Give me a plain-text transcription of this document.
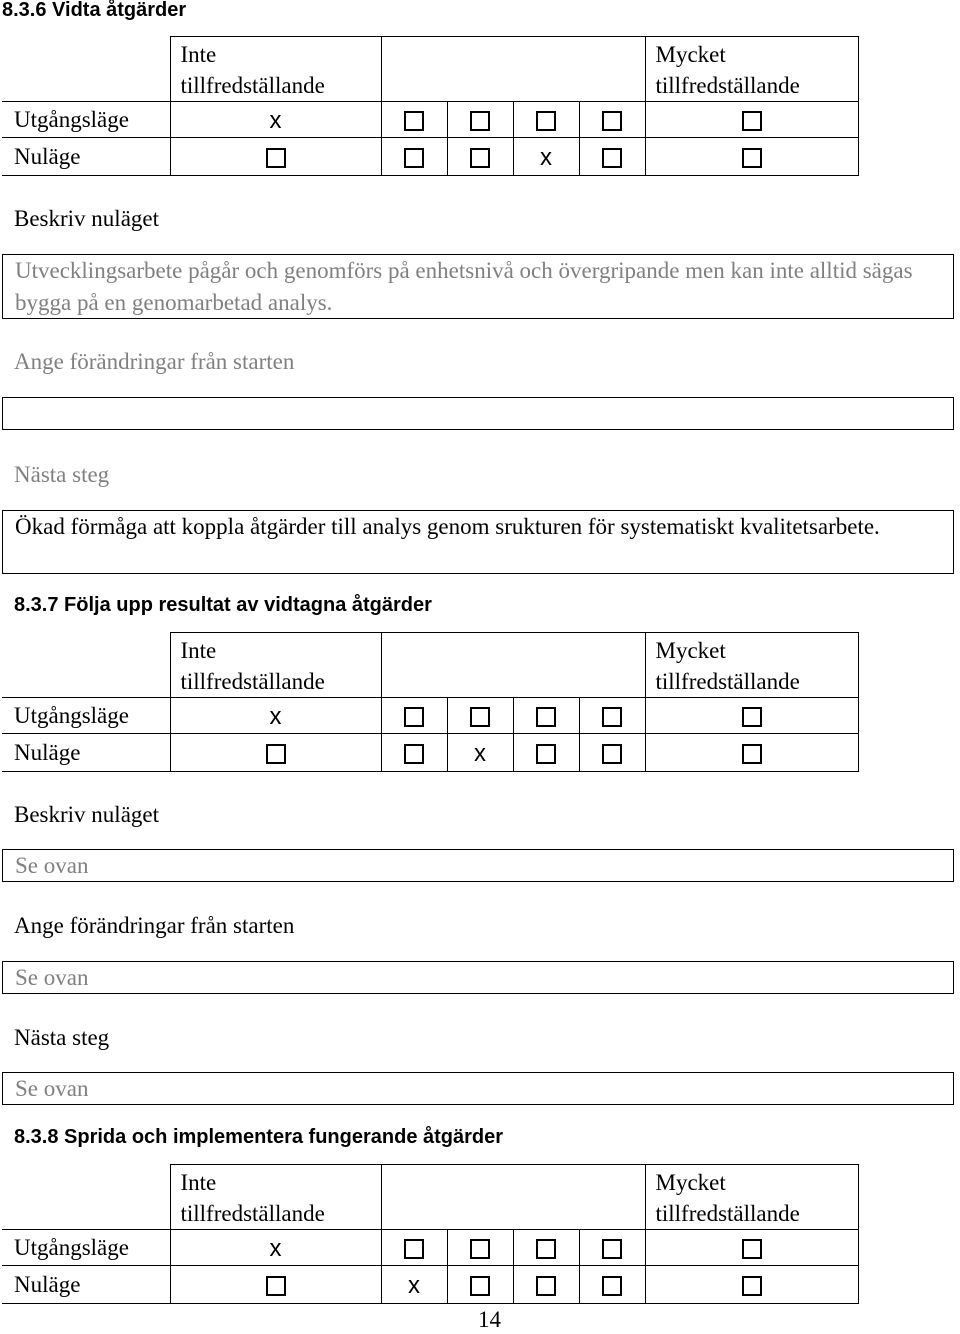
8.3.6 Vidta åtgärder
	Inte
tillfredställande					Mycket
tillfredställande
Utgångsläge	x					
Nuläge				x		
Beskriv nuläget
Utvecklingsarbete pågår och genomförs på enhetsnivå och övergripande men kan inte alltid sägas bygga på en genomarbetad analys.
Ange förändringar från starten
Nästa steg
Ökad förmåga att koppla åtgärder till analys genom srukturen för systematiskt kvalitetsarbete.
8.3.7 Följa upp resultat av vidtagna åtgärder
	Inte
tillfredställande					Mycket
tillfredställande
Utgångsläge	x					
Nuläge			x			
Beskriv nuläget
Se ovan
Ange förändringar från starten
Se ovan
Nästa steg
Se ovan
8.3.8 Sprida och implementera fungerande åtgärder
	Inte
tillfredställande					Mycket
tillfredställande
Utgångsläge	x					
Nuläge		x				
14
